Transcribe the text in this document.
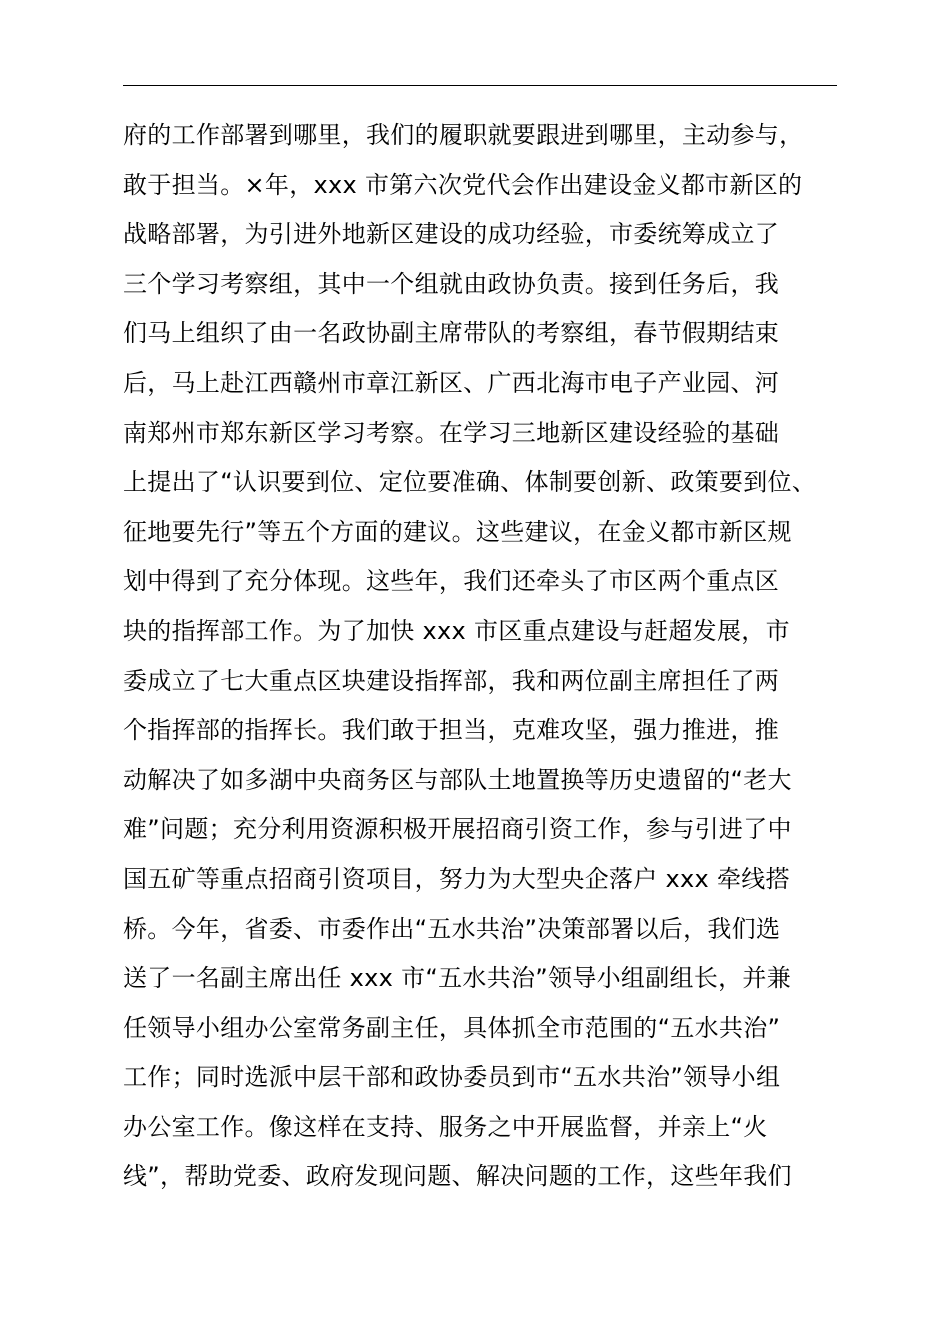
府的工作部署到哪里，我们的履职就要跟进到哪里，主动参与，
敢于担当。×年，xxx 市第六次党代会作出建设金义都市新区的
战略部署，为引进外地新区建设的成功经验，市委统筹成立了
三个学习考察组，其中一个组就由政协负责。接到任务后，我
们马上组织了由一名政协副主席带队的考察组，春节假期结束
后，马上赴江西赣州市章江新区、广西北海市电子产业园、河
南郑州市郑东新区学习考察。在学习三地新区建设经验的基础
上提出了“认识要到位、定位要准确、体制要创新、政策要到位、
征地要先行”等五个方面的建议。这些建议，在金义都市新区规
划中得到了充分体现。这些年，我们还牵头了市区两个重点区
块的指挥部工作。为了加快 xxx 市区重点建设与赶超发展，市
委成立了七大重点区块建设指挥部，我和两位副主席担任了两
个指挥部的指挥长。我们敢于担当，克难攻坚，强力推进，推
动解决了如多湖中央商务区与部队土地置换等历史遗留的“老大
难”问题；充分利用资源积极开展招商引资工作，参与引进了中
国五矿等重点招商引资项目，努力为大型央企落户 xxx 牵线搭
桥。今年，省委、市委作出“五水共治”决策部署以后，我们选
送了一名副主席出任 xxx 市“五水共治”领导小组副组长，并兼
任领导小组办公室常务副主任，具体抓全市范围的“五水共治”
工作；同时选派中层干部和政协委员到市“五水共治”领导小组
办公室工作。像这样在支持、服务之中开展监督，并亲上“火
线”，帮助党委、政府发现问题、解决问题的工作，这些年我们
